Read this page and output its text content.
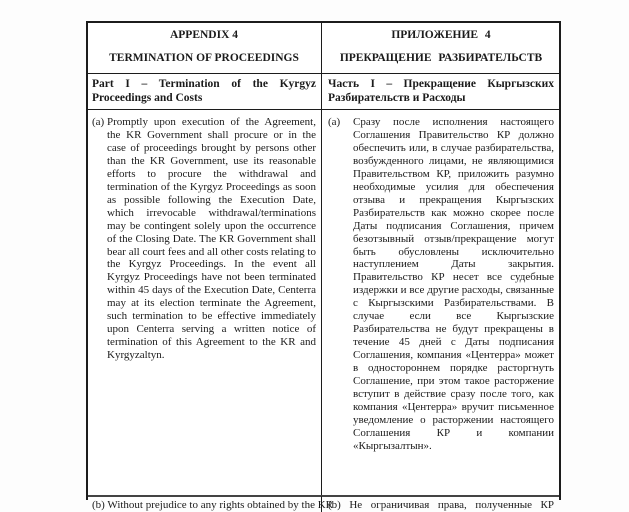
APPENDIX 4
TERMINATION OF PROCEEDINGS
ПРИЛОЖЕНИЕ 4
ПРЕКРАЩЕНИЕ РАЗБИРАТЕЛЬСТВ
Part I – Termination of the Kyrgyz Proceedings and Costs
Часть I – Прекращение Кыргызских Разбирательств и Расходы
(a) Promptly upon execution of the Agreement, the KR Government shall procure or in the case of proceedings brought by persons other than the KR Government, use its reasonable efforts to procure the withdrawal and termination of the Kyrgyz Proceedings as soon as possible following the Execution Date, which irrevocable withdrawal/terminations may be contingent solely upon the occurrence of the Closing Date. The KR Government shall bear all court fees and all other costs relating to the Kyrgyz Proceedings. In the event all Kyrgyz Proceedings have not been terminated within 45 days of the Execution Date, Centerra may at its election terminate the Agreement, such termination to be effective immediately upon Centerra serving a written notice of termination of this Agreement to the KR and Kyrgyzaltyn.
(a) Сразу после исполнения настоящего Соглашения Правительство КР должно обеспечить или, в случае разбирательства, возбужденного лицами, не являющимися Правительством КР, приложить разумно необходимые усилия для обеспечения отзыва и прекращения Кыргызских Разбирательств как можно скорее после Даты подписания Соглашения, причем безотзывный отзыв/прекращение могут быть обусловлены исключительно наступлением Даты закрытия. Правительство КР несет все судебные издержки и все другие расходы, связанные с Кыргызскими Разбирательствами. В случае если все Кыргызские Разбирательства не будут прекращены в течение 45 дней с Даты подписания Соглашения, компания «Центерра» может в одностороннем порядке расторгнуть Соглашение, при этом такое расторжение вступит в действие сразу после того, как компания «Центерра» вручит письменное уведомление о расторжении настоящего Соглашения КР и компании «Кыргызалтын».
(b) Without prejudice to any rights obtained by the KR
(b) Не ограничивая права, полученные КР
